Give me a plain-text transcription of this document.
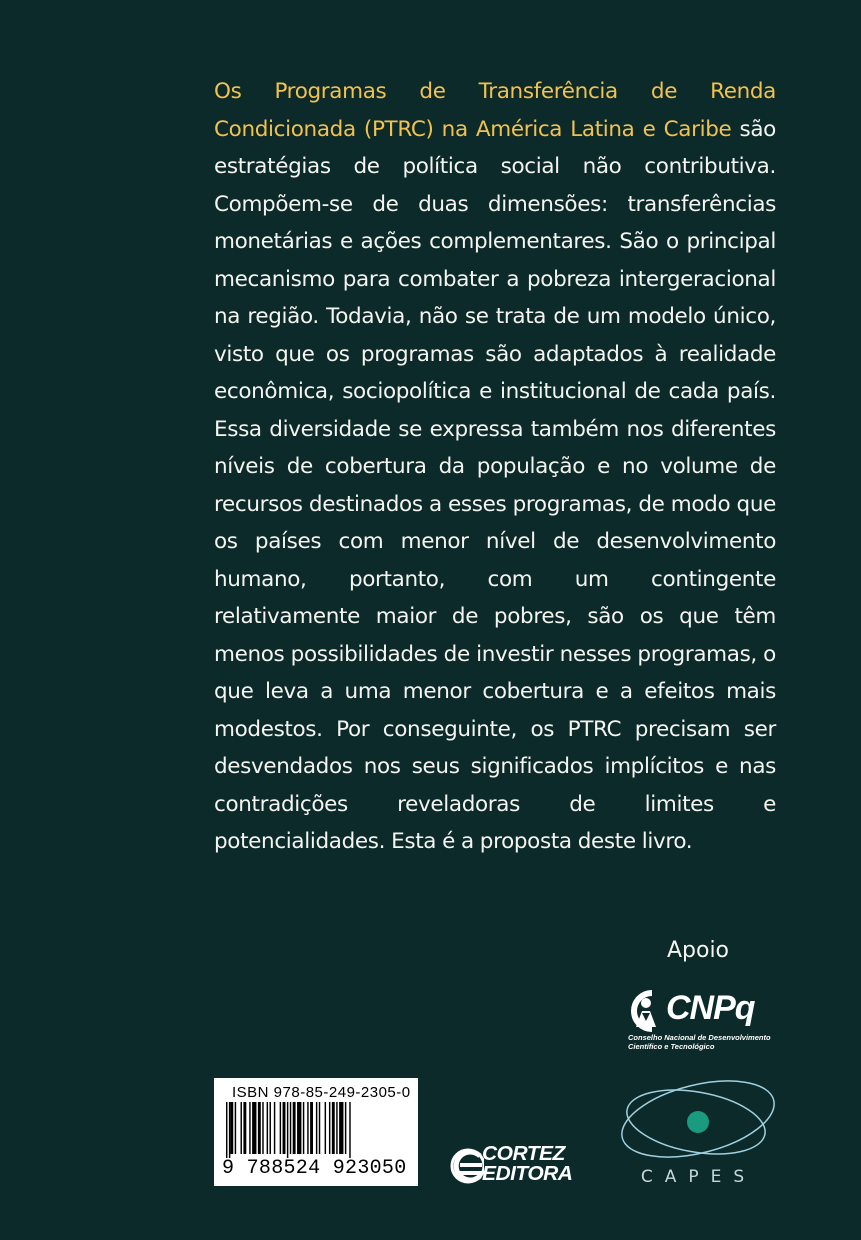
Os Programas de Transferência de Renda Condicionada (PTRC) na América Latina e Caribe são estratégias de política social não contributiva. Compõem-se de duas dimensões: transferências monetárias e ações complementares. São o principal mecanismo para combater a pobreza intergeracional na região. Todavia, não se trata de um modelo único, visto que os programas são adaptados à realidade econômica, sociopolítica e institucional de cada país. Essa diversidade se expressa também nos diferentes níveis de cobertura da população e no volume de recursos destinados a esses programas, de modo que os países com menor nível de desenvolvimento humano, portanto, com um contingente relativamente maior de pobres, são os que têm menos possibilidades de investir nesses programas, o que leva a uma menor cobertura e a efeitos mais modestos. Por conseguinte, os PTRC precisam ser desvendados nos seus significados implícitos e nas contradições reveladoras de limites e potencialidades. Esta é a proposta deste livro.
Apoio
CNPq
Conselho Nacional de Desenvolvimento
Científico e Tecnológico
CAPES
ISBN 978-85-249-2305-0
9 788524 923050
CORTEZ
EDITORA
